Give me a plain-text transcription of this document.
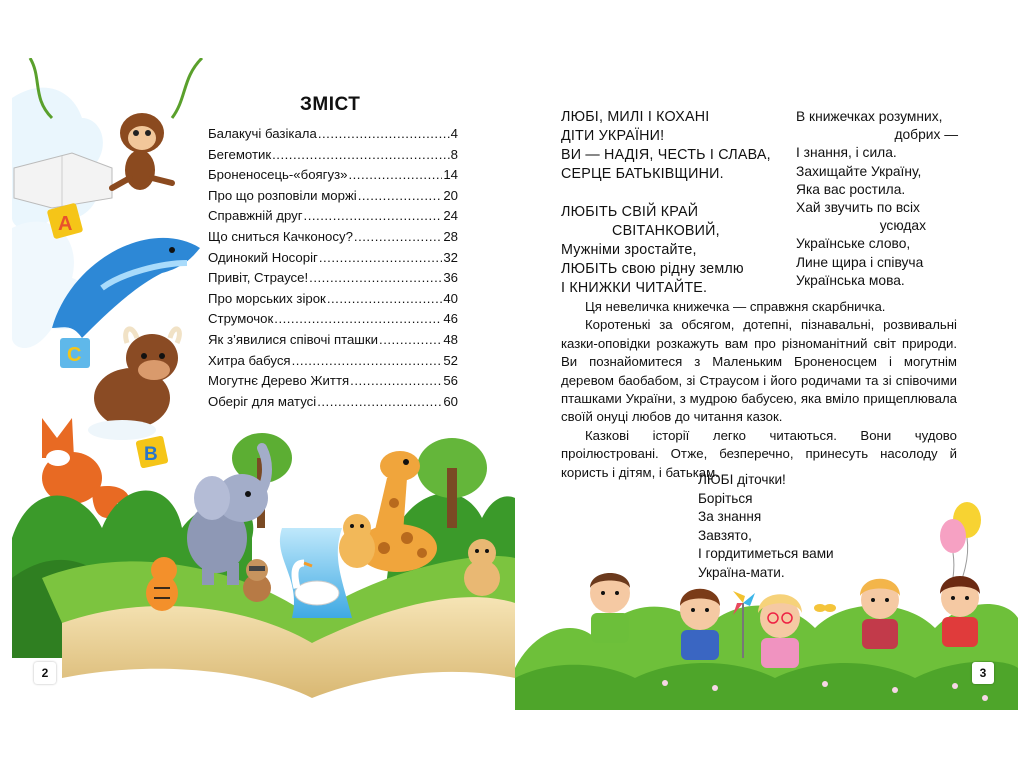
A
C
B
2	3
ЗМІСТ
Балакучі базікала .....	4
Бегемотик .....	8
Броненосець-«боягуз» .....	14
Про що розповіли моржі .....	20
Справжній друг .....	24
Що сниться Качконосу? .....	28
Одинокий Носоріг .....	32
Привіт, Страусе! .....	36
Про морських зірок .....	40
Струмочок .....	46
Як з’явилися співочі пташки .....	48
Хитра бабуся .....	52
Могутнє Дерево Життя .....	56
Оберіг для матусі .....	60
ЛЮБІ, МИЛІ І КОХАНІ
ДІТИ УКРАЇНИ!
ВИ — НАДІЯ, ЧЕСТЬ І СЛАВА,
СЕРЦЕ БАТЬКІВЩИНИ.
ЛЮБІТЬ СВІЙ КРАЙ
СВІТАНКОВИЙ,
Мужніми зростайте,
ЛЮБІТЬ свою рідну землю
І КНИЖКИ ЧИТАЙТЕ.
В книжечках розумних,
добрих —
І знання, і сила.
Захищайте Україну,
Яка вас ростила.
Хай звучить по всіх
усюдах
Українське слово,
Лине щира і співуча
Українська мова.

Ця невеличка книжечка — справжня скарбничка.

Коротенькі за обсягом, дотепні, пізнавальні, розвивальні казки-оповідки розкажуть вам про різноманітний світ природи. Ви познайомитеся з Маленьким Броненосцем і могутнім деревом баобабом, зі Страусом і його родичами та зі співочими пташками України, з мудрою бабусею, яка вміло прищеплювала своїй онуці любов до читання казок.

Казкові історії легко читаються. Вони чудово проілюстровані. Отже, безперечно, принесуть насолоду й користь і дітям, і батькам.

ЛЮБІ діточки!
Боріться
За знання
Завзято,
І гордитиметься вами
Україна-мати.
